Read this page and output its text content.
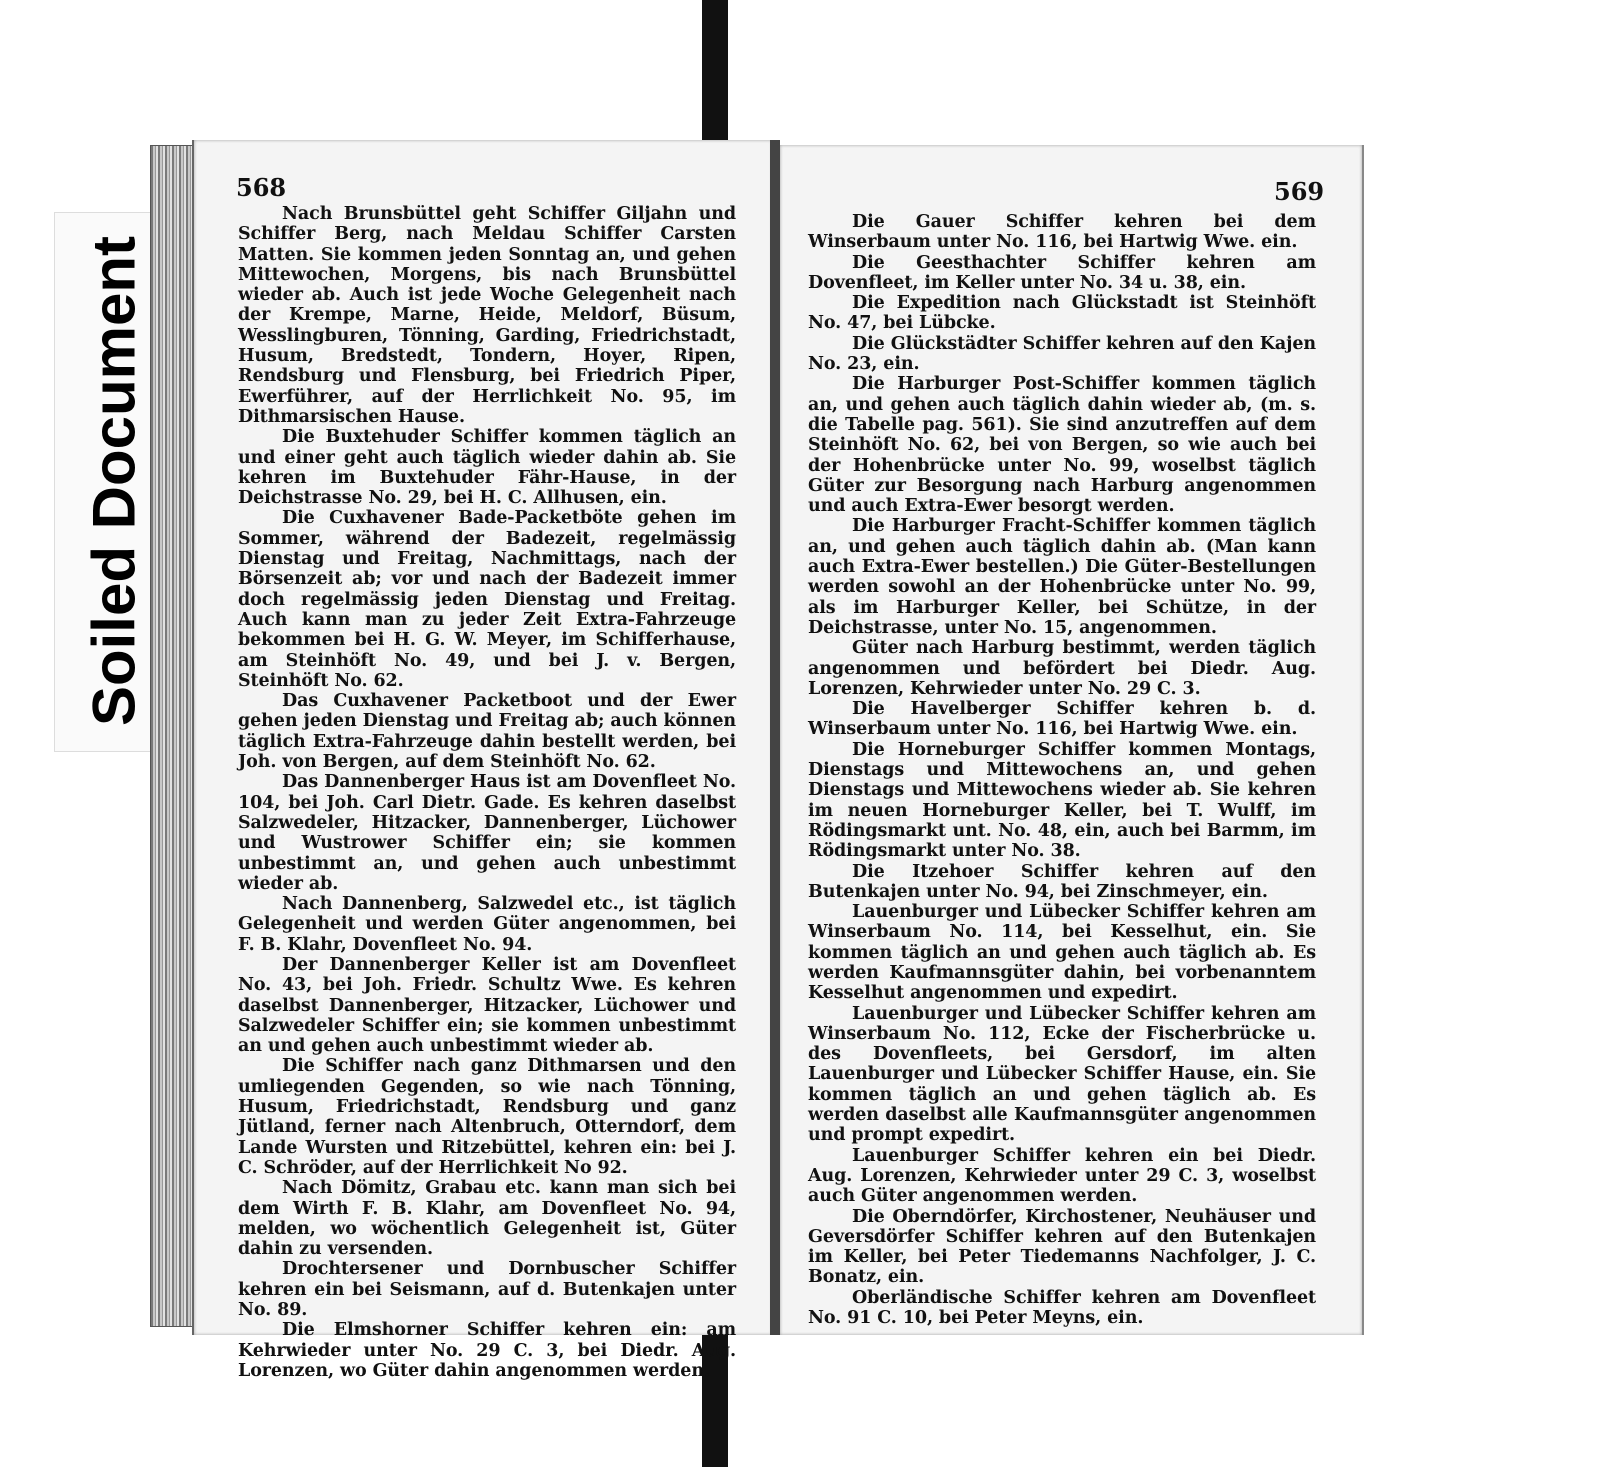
Soiled Document
568

Nach Brunsbüttel geht Schiffer Giljahn und Schiffer Berg, nach Meldau Schiffer Carsten Matten. Sie kommen jeden Sonntag an, und gehen Mittewochen, Morgens, bis nach Brunsbüttel wieder ab. Auch ist jede Woche Gelegenheit nach der Krempe, Marne, Heide, Meldorf, Büsum, Wesslingburen, Tönning, Garding, Friedrichstadt, Husum, Bredstedt, Tondern, Hoyer, Ripen, Rendsburg und Flensburg, bei Friedrich Piper, Ewerführer, auf der Herrlichkeit No. 95, im Dithmarsischen Hause.

Die Buxtehuder Schiffer kommen täglich an und einer geht auch täglich wieder dahin ab. Sie kehren im Buxtehuder Fähr-Hause, in der Deichstrasse No. 29, bei H. C. Allhusen, ein.

Die Cuxhavener Bade-Packetböte gehen im Sommer, während der Badezeit, regelmässig Dienstag und Freitag, Nachmittags, nach der Börsenzeit ab; vor und nach der Badezeit immer doch regelmässig jeden Dienstag und Freitag. Auch kann man zu jeder Zeit Extra-Fahrzeuge bekommen bei H. G. W. Meyer, im Schifferhause, am Steinhöft No. 49, und bei J. v. Bergen, Steinhöft No. 62.

Das Cuxhavener Packetboot und der Ewer gehen jeden Dienstag und Freitag ab; auch können täglich Extra-Fahrzeuge dahin bestellt werden, bei Joh. von Bergen, auf dem Steinhöft No. 62.

Das Dannenberger Haus ist am Dovenfleet No. 104, bei Joh. Carl Dietr. Gade. Es kehren daselbst Salzwedeler, Hitzacker, Dannenberger, Lüchower und Wustrower Schiffer ein; sie kommen unbestimmt an, und gehen auch unbestimmt wieder ab.

Nach Dannenberg, Salzwedel etc., ist täglich Gelegenheit und werden Güter angenommen, bei F. B. Klahr, Dovenfleet No. 94.

Der Dannenberger Keller ist am Dovenfleet No. 43, bei Joh. Friedr. Schultz Wwe. Es kehren daselbst Dannenberger, Hitzacker, Lüchower und Salzwedeler Schiffer ein; sie kommen unbestimmt an und gehen auch unbestimmt wieder ab.

Die Schiffer nach ganz Dithmarsen und den umliegenden Gegenden, so wie nach Tönning, Husum, Friedrichstadt, Rendsburg und ganz Jütland, ferner nach Altenbruch, Otterndorf, dem Lande Wursten und Ritzebüttel, kehren ein: bei J. C. Schröder, auf der Herrlichkeit No 92.

Nach Dömitz, Grabau etc. kann man sich bei dem Wirth F. B. Klahr, am Dovenfleet No. 94, melden, wo wöchentlich Gelegenheit ist, Güter dahin zu versenden.

Drochtersener und Dornbuscher Schiffer kehren ein bei Seismann, auf d. Butenkajen unter No. 89.

Die Elmshorner Schiffer kehren ein: am Kehrwieder unter No. 29 C. 3, bei Diedr. Aug. Lorenzen, wo Güter dahin angenommen werden.

569

Die Gauer Schiffer kehren bei dem Winserbaum unter No. 116, bei Hartwig Wwe. ein.

Die Geesthachter Schiffer kehren am Dovenfleet, im Keller unter No. 34 u. 38, ein.

Die Expedition nach Glückstadt ist Steinhöft No. 47, bei Lübcke.

Die Glückstädter Schiffer kehren auf den Kajen No. 23, ein.

Die Harburger Post-Schiffer kommen täglich an, und gehen auch täglich dahin wieder ab, (m. s. die Tabelle pag. 561). Sie sind anzutreffen auf dem Steinhöft No. 62, bei von Bergen, so wie auch bei der Hohenbrücke unter No. 99, woselbst täglich Güter zur Besorgung nach Harburg angenommen und auch Extra-Ewer besorgt werden.

Die Harburger Fracht-Schiffer kommen täglich an, und gehen auch täglich dahin ab. (Man kann auch Extra-Ewer bestellen.) Die Güter-Bestellungen werden sowohl an der Hohenbrücke unter No. 99, als im Harburger Keller, bei Schütze, in der Deichstrasse, unter No. 15, angenommen.

Güter nach Harburg bestimmt, werden täglich angenommen und befördert bei Diedr. Aug. Lorenzen, Kehrwieder unter No. 29 C. 3.

Die Havelberger Schiffer kehren b. d. Winserbaum unter No. 116, bei Hartwig Wwe. ein.

Die Horneburger Schiffer kommen Montags, Dienstags und Mittewochens an, und gehen Dienstags und Mittewochens wieder ab. Sie kehren im neuen Horneburger Keller, bei T. Wulff, im Rödingsmarkt unt. No. 48, ein, auch bei Barmm, im Rödingsmarkt unter No. 38.

Die Itzehoer Schiffer kehren auf den Butenkajen unter No. 94, bei Zinschmeyer, ein.

Lauenburger und Lübecker Schiffer kehren am Winserbaum No. 114, bei Kesselhut, ein. Sie kommen täglich an und gehen auch täglich ab. Es werden Kaufmannsgüter dahin, bei vorbenanntem Kesselhut angenommen und expedirt.

Lauenburger und Lübecker Schiffer kehren am Winserbaum No. 112, Ecke der Fischerbrücke u. des Dovenfleets, bei Gersdorf, im alten Lauenburger und Lübecker Schiffer Hause, ein. Sie kommen täglich an und gehen täglich ab. Es werden daselbst alle Kaufmannsgüter angenommen und prompt expedirt.

Lauenburger Schiffer kehren ein bei Diedr. Aug. Lorenzen, Kehrwieder unter 29 C. 3, woselbst auch Güter angenommen werden.

Die Oberndörfer, Kirchostener, Neuhäuser und Geversdörfer Schiffer kehren auf den Butenkajen im Keller, bei Peter Tiedemanns Nachfolger, J. C. Bonatz, ein.

Oberländische Schiffer kehren am Dovenfleet No. 91 C. 10, bei Peter Meyns, ein.
